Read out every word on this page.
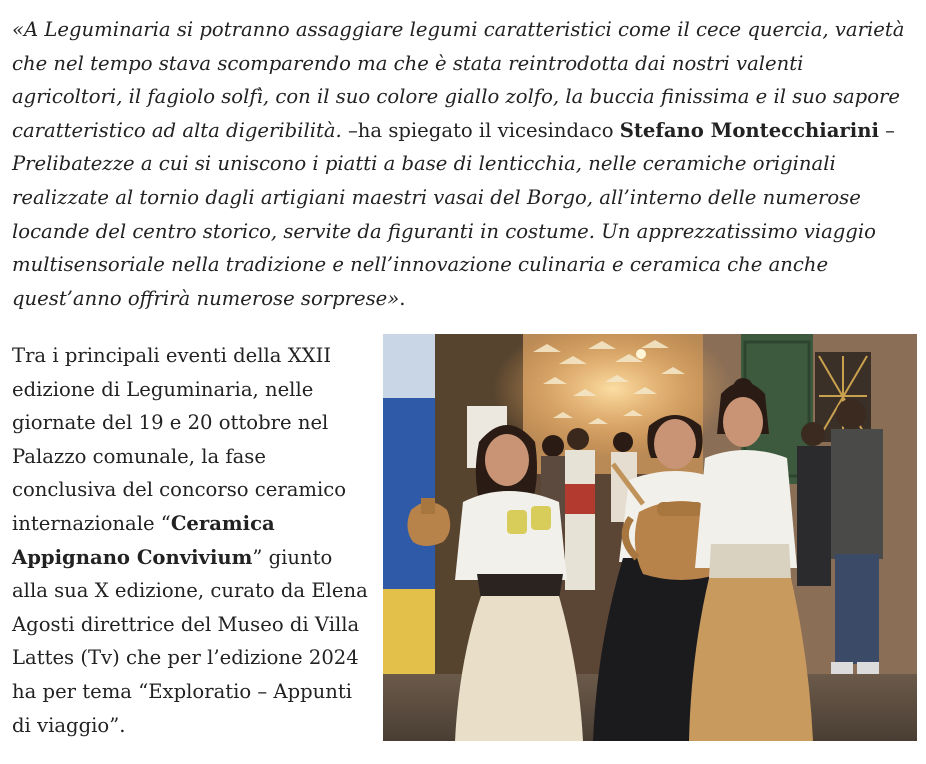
«A Leguminaria si potranno assaggiare legumi caratteristici come il cece quercia, varietà che nel tempo stava scomparendo ma che è stata reintrodotta dai nostri valenti agricoltori, il fagiolo solfì, con il suo colore giallo zolfo, la buccia finissima e il suo sapore caratteristico ad alta digeribilità. –ha spiegato il vicesindaco Stefano Montecchiarini – Prelibatezze a cui si uniscono i piatti a base di lenticchia, nelle ceramiche originali realizzate al tornio dagli artigiani maestri vasai del Borgo, all’interno delle numerose locande del centro storico, servite da figuranti in costume. Un apprezzatissimo viaggio multisensoriale nella tradizione e nell’innovazione culinaria e ceramica che anche quest’anno offrirà numerose sorprese».

Tra i principali eventi della XXII edizione di Leguminaria, nelle giornate del 19 e 20 ottobre nel Palazzo comunale, la fase conclusiva del concorso ceramico internazionale “Ceramica Appignano Convivium” giunto alla sua X edizione, curato da Elena Agosti direttrice del Museo di Villa Lattes (Tv) che per l’edizione 2024 ha per tema “Exploratio – Appunti di viaggio”.
